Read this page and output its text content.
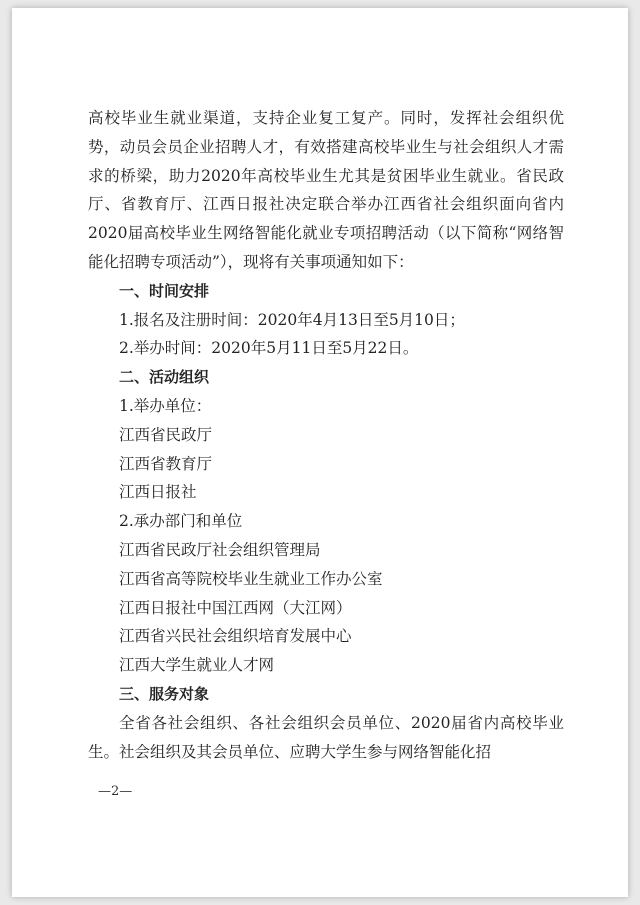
高校毕业生就业渠道，支持企业复工复产。同时，发挥社会组织优势，动员会员企业招聘人才，有效搭建高校毕业生与社会组织人才需求的桥梁，助力2020年高校毕业生尤其是贫困毕业生就业。省民政厅、省教育厅、江西日报社决定联合举办江西省社会组织面向省内2020届高校毕业生网络智能化就业专项招聘活动（以下简称“网络智能化招聘专项活动”），现将有关事项通知如下：

一、时间安排

1.报名及注册时间：2020年4月13日至5月10日；

2.举办时间：2020年5月11日至5月22日。

二、活动组织

1.举办单位：

江西省民政厅

江西省教育厅

江西日报社

2.承办部门和单位

江西省民政厅社会组织管理局

江西省高等院校毕业生就业工作办公室

江西日报社中国江西网（大江网）

江西省兴民社会组织培育发展中心

江西大学生就业人才网

三、服务对象

全省各社会组织、各社会组织会员单位、2020届省内高校毕业生。社会组织及其会员单位、应聘大学生参与网络智能化招

—2—
